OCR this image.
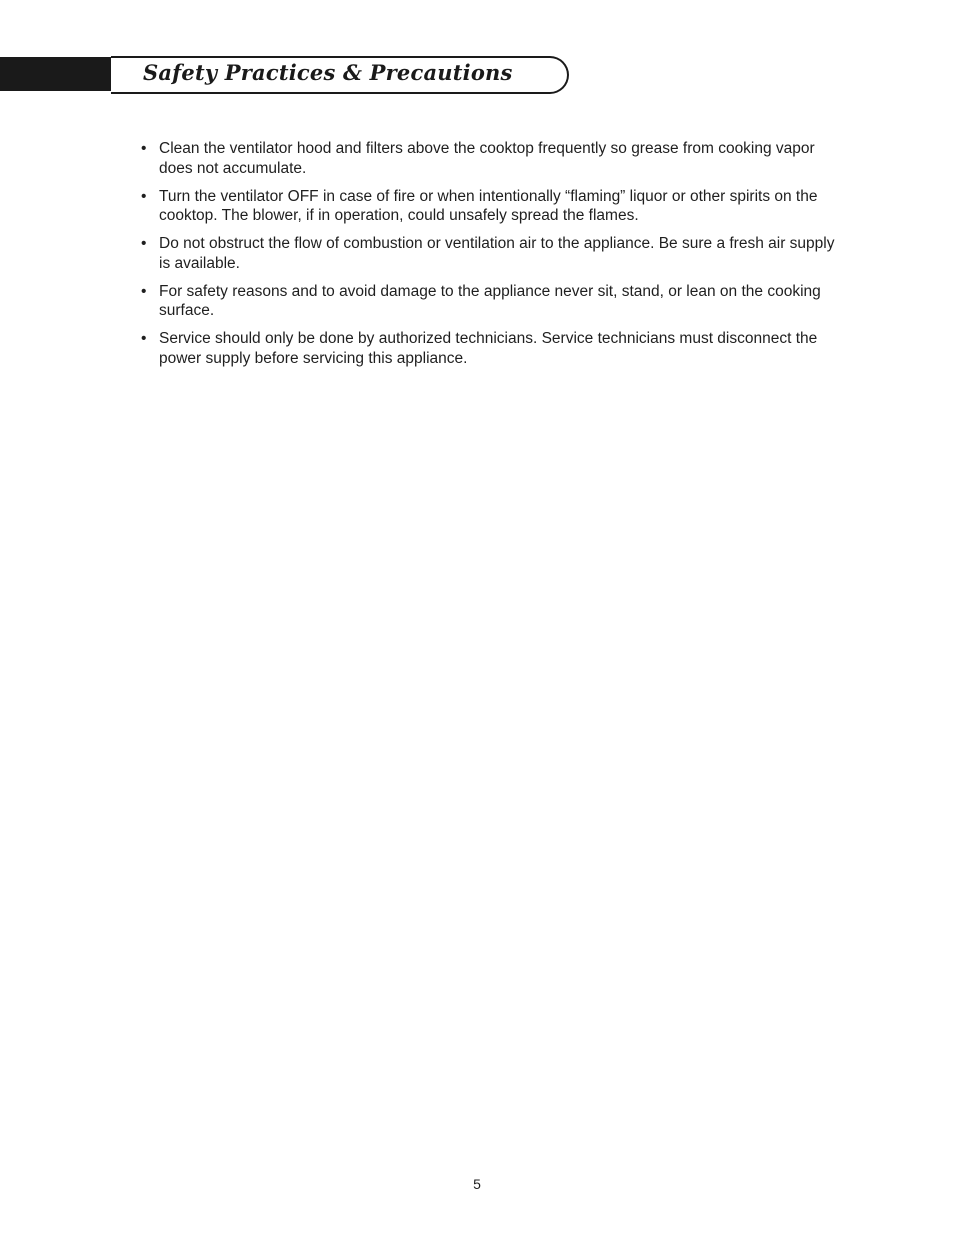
Safety Practices & Precautions
• Clean the ventilator hood and filters above the cooktop frequently so grease from cooking vapor does not accumulate.
• Turn the ventilator OFF in case of fire or when intentionally “flaming” liquor or other spirits on the cooktop. The blower, if in operation, could unsafely spread the flames.
• Do not obstruct the flow of combustion or ventilation air to the appliance. Be sure a fresh air supply is available.
• For safety reasons and to avoid damage to the appliance never sit, stand, or lean on the cooking surface.
• Service should only be done by authorized technicians. Service technicians must disconnect the power supply before servicing this appliance.
5
